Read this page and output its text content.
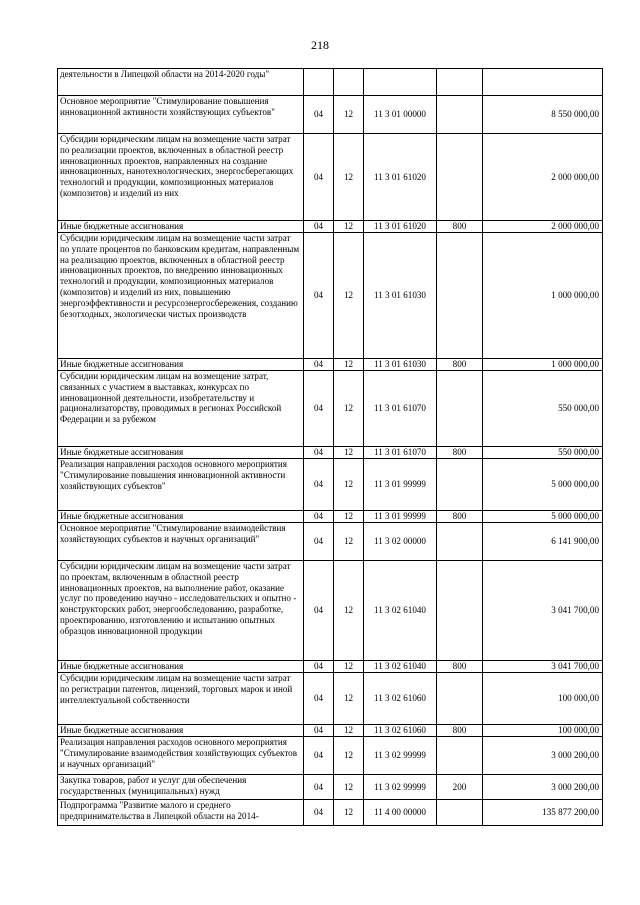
218
деятельности в Липецкой области на 2014-2020 годы"					
Основное мероприятие "Стимулирование повышения инновационной активности хозяйствующих субъектов"	04	12	11 3 01 00000		8 550 000,00
Субсидии юридическим лицам на возмещение части затрат по реализации проектов, включенных в областной реестр инновационных проектов, направленных на создание инновационных, нанотехнологических, энергосберегающих технологий и продукции, композиционных материалов (композитов) и изделий из них	04	12	11 3 01 61020		2 000 000,00
Иные бюджетные ассигнования	04	12	11 3 01 61020	800	2 000 000,00
Субсидии юридическим лицам на возмещение части затрат по уплате процентов по банковским кредитам, направленным на реализацию проектов, включенных в областной реестр инновационных проектов, по внедрению инновационных технологий и продукции, композиционных материалов (композитов) и изделий из них, повышению энергоэффективности и ресурсоэнергосбережения, созданию безотходных, экологически чистых производств	04	12	11 3 01 61030		1 000 000,00
Иные бюджетные ассигнования	04	12	11 3 01 61030	800	1 000 000,00
Субсидии юридическим лицам на возмещение затрат, связанных с участием в выставках, конкурсах по инновационной деятельности, изобретательству и рационализаторству, проводимых в регионах Российской Федерации и за рубежом	04	12	11 3 01 61070		550 000,00
Иные бюджетные ассигнования	04	12	11 3 01 61070	800	550 000,00
Реализация направления расходов основного мероприятия "Стимулирование повышения инновационной активности хозяйствующих субъектов"	04	12	11 3 01 99999		5 000 000,00
Иные бюджетные ассигнования	04	12	11 3 01 99999	800	5 000 000,00
Основное мероприятие "Стимулирование взаимодействия хозяйствующих субъектов и научных организаций"	04	12	11 3 02 00000		6 141 900,00
Субсидии юридическим лицам на возмещение части затрат по проектам, включенным в областной реестр инновационных проектов, на выполнение работ, оказание услуг по проведению научно - исследовательских и опытно - конструкторских работ, энергообследованию, разработке, проектированию, изготовлению и испытанию опытных образцов инновационной продукции	04	12	11 3 02 61040		3 041 700,00
Иные бюджетные ассигнования	04	12	11 3 02 61040	800	3 041 700,00
Субсидии юридическим лицам на возмещение части затрат по регистрации патентов, лицензий, торговых марок и иной интеллектуальной собственности	04	12	11 3 02 61060		100 000,00
Иные бюджетные ассигнования	04	12	11 3 02 61060	800	100 000,00
Реализация направления расходов основного мероприятия "Стимулирование взаимодействия хозяйствующих субъектов и научных организаций"	04	12	11 3 02 99999		3 000 200,00
Закупка товаров, работ и услуг для обеспечения государственных (муниципальных) нужд	04	12	11 3 02 99999	200	3 000 200,00
Подпрограмма "Развитие малого и среднего предпринимательства в Липецкой области на 2014-	04	12	11 4 00 00000		135 877 200,00
